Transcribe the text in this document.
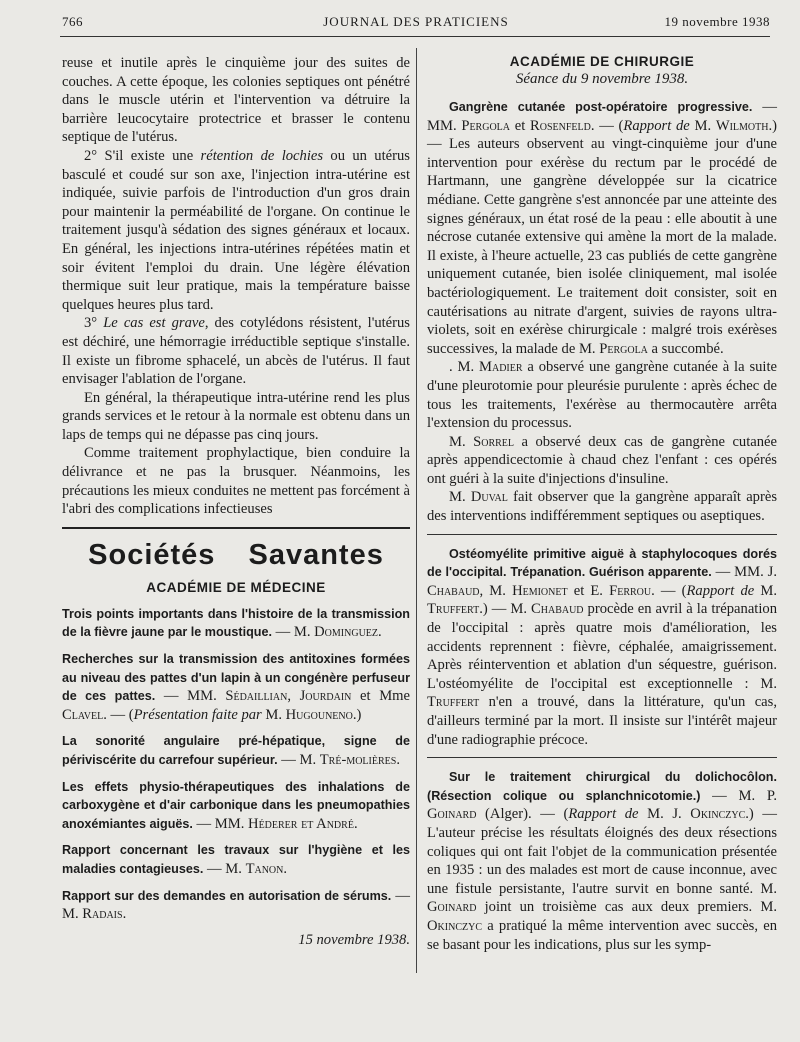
766	JOURNAL DES PRATICIENS	19 novembre 1938

reuse et inutile après le cinquième jour des suites de couches. A cette époque, les colonies septiques ont pénétré dans le muscle utérin et l'intervention va détruire la barrière leucocytaire protectrice et brasser le contenu septique de l'utérus.

2° S'il existe une rétention de lochies ou un utérus basculé et coudé sur son axe, l'injection intra-utérine est indiquée, suivie parfois de l'introduction d'un gros drain pour maintenir la perméabilité de l'organe. On continue le traitement jusqu'à sédation des signes généraux et locaux. En général, les injections intra-utérines répétées matin et soir évitent l'emploi du drain. Une légère élévation thermique suit leur pratique, mais la température baisse quelques heures plus tard.

3° Le cas est grave, des cotylédons résistent, l'utérus est déchiré, une hémorragie irréductible septique s'installe. Il existe un fibrome sphacelé, un abcès de l'utérus. Il faut envisager l'ablation de l'organe.

En général, la thérapeutique intra-utérine rend les plus grands services et le retour à la normale est obtenu dans un laps de temps qui ne dépasse pas cinq jours.

Comme traitement prophylactique, bien conduire la délivrance et ne pas la brusquer. Néanmoins, les précautions les mieux conduites ne mettent pas forcément à l'abri des complications infectieuses

Sociétés Savantes
ACADÉMIE DE MÉDECINE

Trois points importants dans l'histoire de la transmission de la fièvre jaune par le moustique. — M. Dominguez.

Recherches sur la transmission des antitoxines formées au niveau des pattes d'un lapin à un congénère perfuseur de ces pattes. — MM. Sédaillian, Jourdain et Mme Clavel. — (Présentation faite par M. Hugouneno.)

La sonorité angulaire pré-hépatique, signe de périviscérite du carrefour supérieur. — M. Tré-molières.

Les effets physio-thérapeutiques des inhalations de carboxygène et d'air carbonique dans les pneumopathies anoxémiantes aiguës. — MM. Héderer et André.

Rapport concernant les travaux sur l'hygiène et les maladies contagieuses. — M. Tanon.

Rapport sur des demandes en autorisation de sérums. — M. Radais.

15 novembre 1938.
ACADÉMIE DE CHIRURGIE
Séance du 9 novembre 1938.

Gangrène cutanée post-opératoire progressive. — MM. Pergola et Rosenfeld. — (Rapport de M. Wilmoth.) — Les auteurs observent au vingt-cinquième jour d'une intervention pour exérèse du rectum par le procédé de Hartmann, une gangrène développée sur la cicatrice médiane. Cette gangrène s'est annoncée par une atteinte des signes généraux, un état rosé de la peau : elle aboutit à une nécrose cutanée extensive qui amène la mort de la malade. Il existe, à l'heure actuelle, 23 cas publiés de cette gangrène uniquement cutanée, bien isolée cliniquement, mal isolée bactériologiquement. Le traitement doit consister, soit en cautérisations au nitrate d'argent, suivies de rayons ultra-violets, soit en exérèse chirurgicale : malgré trois exérèses successives, la malade de M. Pergola a succombé.

. M. Madier a observé une gangrène cutanée à la suite d'une pleurotomie pour pleurésie purulente : après échec de tous les traitements, l'exérèse au thermocautère arrêta l'extension du processus.

M. Sorrel a observé deux cas de gangrène cutanée après appendicectomie à chaud chez l'enfant : ces opérés ont guéri à la suite d'injections d'insuline.

M. Duval fait observer que la gangrène apparaît après des interventions indifféremment septiques ou aseptiques.

Ostéomyélite primitive aiguë à staphylocoques dorés de l'occipital. Trépanation. Guérison apparente. — MM. J. Chabaud, M. Hemionet et E. Ferrou. — (Rapport de M. Truffert.) — M. Chabaud procède en avril à la trépanation de l'occipital : après quatre mois d'amélioration, les accidents reprennent : fièvre, céphalée, amaigrissement. Après réintervention et ablation d'un séquestre, guérison. L'ostéomyélite de l'occipital est exceptionnelle : M. Truffert n'en a trouvé, dans la littérature, qu'un cas, d'ailleurs terminé par la mort. Il insiste sur l'intérêt majeur d'une radiographie précoce.

Sur le traitement chirurgical du dolichocôlon. (Résection colique ou splanchnicotomie.) — M. P. Goinard (Alger). — (Rapport de M. J. Okinczyc.) — L'auteur précise les résultats éloignés des deux résections coliques qui ont fait l'objet de la communication présentée en 1935 : un des malades est mort de cause inconnue, avec une fistule persistante, l'autre survit en bonne santé. M. Goinard joint un troisième cas aux deux premiers. M. Okinczyc a pratiqué la même intervention avec succès, en se basant pour les indications, plus sur les symp-
